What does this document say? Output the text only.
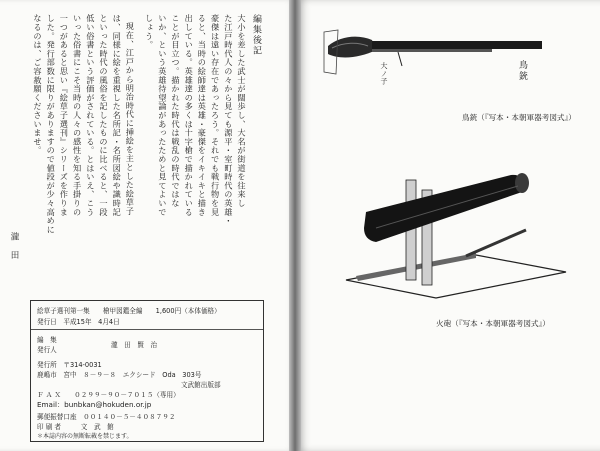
編集後記
大小を差した武士が闊歩し、大名が街道を往来し
た江戸時代人の々から見ても源平・室町時代の英雄・
豪傑は遠い存在であったろう。それでも戦行物を見
ると、当時の絵師達は英雄・豪傑をイキイキと描き
出している。英雄達の多くは十字槍で描かれている
ことが目立つ。描かれた時代は戦乱の時代ではな
いか、という英雄待望論があったためと見てよいで
しょう。
現在、江戸から明治時代に挿絵を主とした絵草子
は、同様に絵を重視した名所記・名所図絵や識時記
といった時代の風俗を記したものに比べると、一段
低い俗書という評価がされている。とはいえ、こう
いった俗書にこそ当時の人々の感性を知る手掛りの
一つがあると思い『絵草子選刊』シリーズを作りま
した。発行部数に限りがありますので値段が少々高めに
なるのは、ご容赦願くださいませ。
瀧田
絵草子選刊第一集　　槍甲図鑑全編　　1,600円（本体価格）
発行日　平成15年　4月4日
編　集
発行人
瀧　田　賢　治
発行所　〒314-0031
鹿嶋市　宮中　８－９－８　エクシード　Oda　303号
文武館出版部
Ｆ Ａ Ｘ　　０２９９－９０－７０１５（専用）
Email：bunbkan@hokuden.or.jp
郵便振替口座　００１４０－５－４０８７９２
印 刷 者　　　文　武　館
＊本誌内容の無断転載を禁じます。
鳥銃
大ノ子
鳥銃（『写本・本朝軍器考図式』）
火砲（『写本・本朝軍器考図式』）
